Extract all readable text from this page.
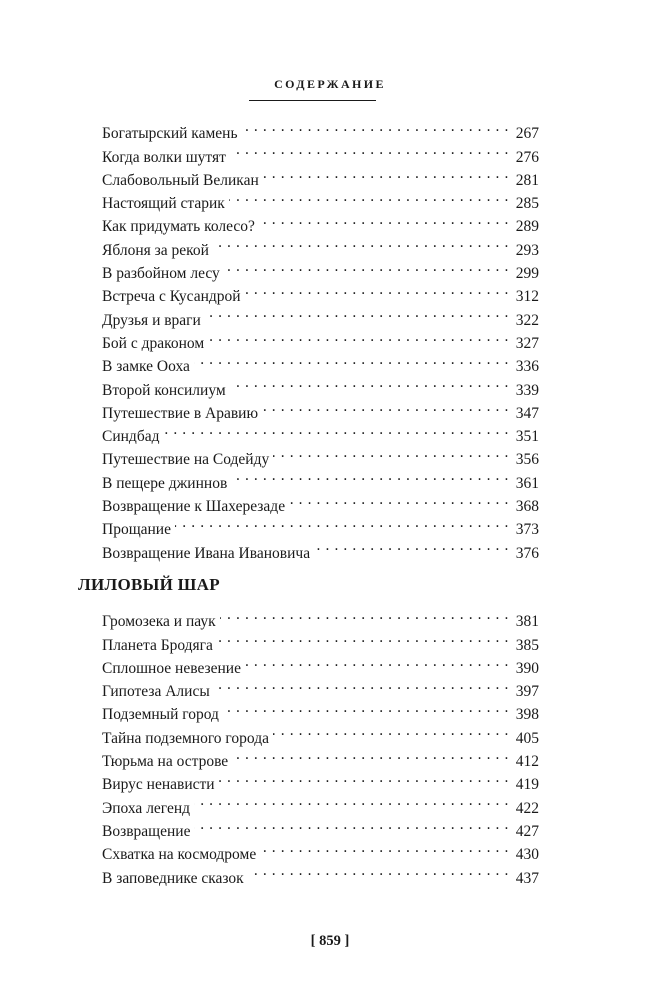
СОДЕРЖАНИЕ
Богатырский камень . . .	267
Когда волки шутят . . .	276
Слабовольный Великан . . .	281
Настоящий старик . . .	285
Как придумать колесо? . . .	289
Яблоня за рекой . . .	293
В разбойном лесу . . .	299
Встреча с Кусандрой . . .	312
Друзья и враги . . .	322
Бой с драконом . . .	327
В замке Ооха . . .	336
Второй консилиум . . .	339
Путешествие в Аравию . . .	347
Синдбад . . .	351
Путешествие на Содейду . . .	356
В пещере джиннов . . .	361
Возвращение к Шахерезаде . . .	368
Прощание . . .	373
Возвращение Ивана Ивановича . . .	376
ЛИЛОВЫЙ ШАР
Громозека и паук . . .	381
Планета Бродяга . . .	385
Сплошное невезение . . .	390
Гипотеза Алисы . . .	397
Подземный город . . .	398
Тайна подземного города . . .	405
Тюрьма на острове . . .	412
Вирус ненависти . . .	419
Эпоха легенд . . .	422
Возвращение . . .	427
Схватка на космодроме . . .	430
В заповеднике сказок . . .	437
[ 859 ]
